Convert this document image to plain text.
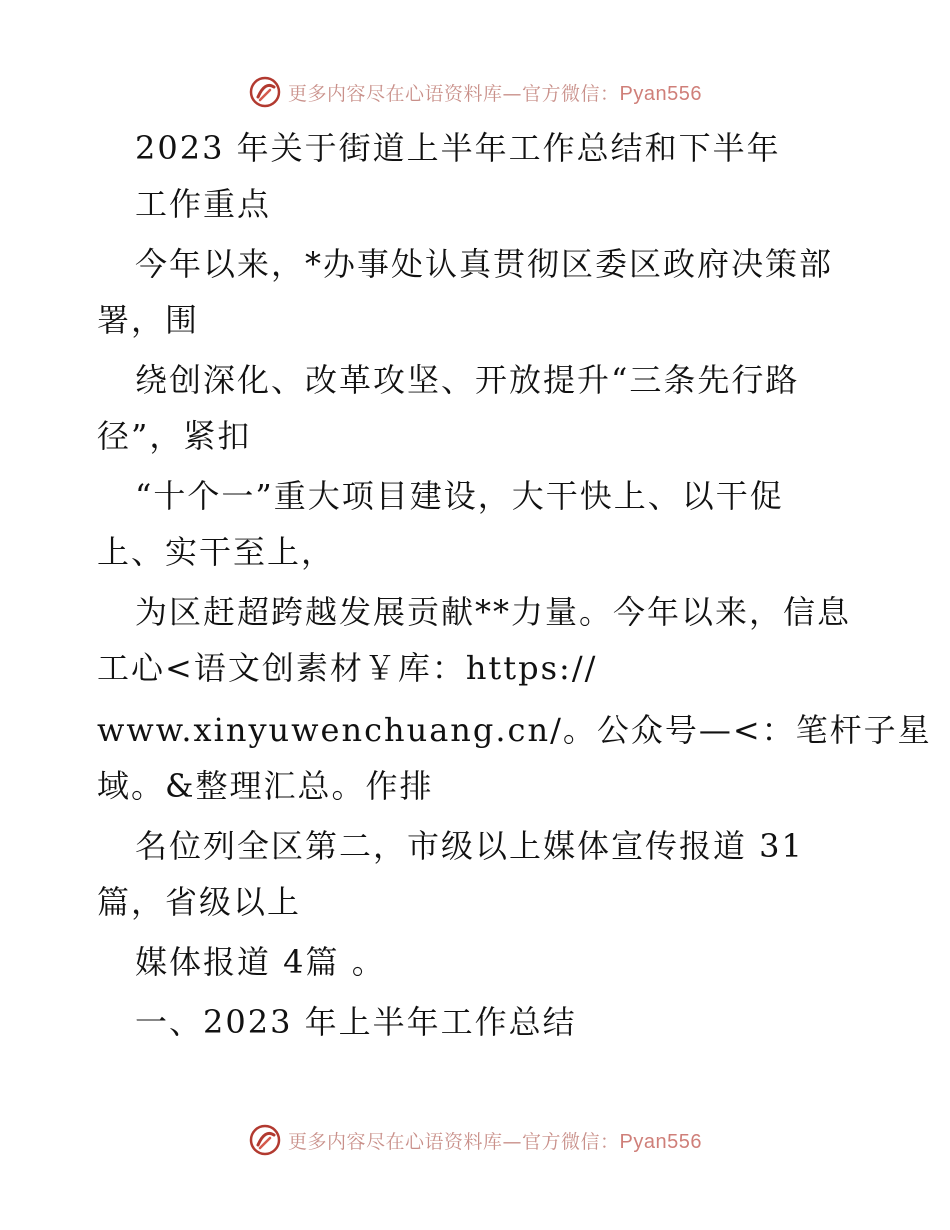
更多内容尽在心语资料库—官方微信：Pyan556
2023 年关于街道上半年工作总结和下半年
工作重点
今年以来，*办事处认真贯彻区委区政府决策部
署，围
绕创深化、改革攻坚、开放提升“三条先行路
径”，紧扣
“十个一”重大项目建设，大干快上、以干促
上、实干至上，
为区赶超跨越发展贡献**力量。今年以来，信息
工心<语文创素材￥库：https://
www.xinyuwenchuang.cn/。公众号—<：笔杆子星
域。&整理汇总。作排
名位列全区第二，市级以上媒体宣传报道 31
篇，省级以上
媒体报道 4篇 。
一、2023 年上半年工作总结
更多内容尽在心语资料库—官方微信：Pyan556
